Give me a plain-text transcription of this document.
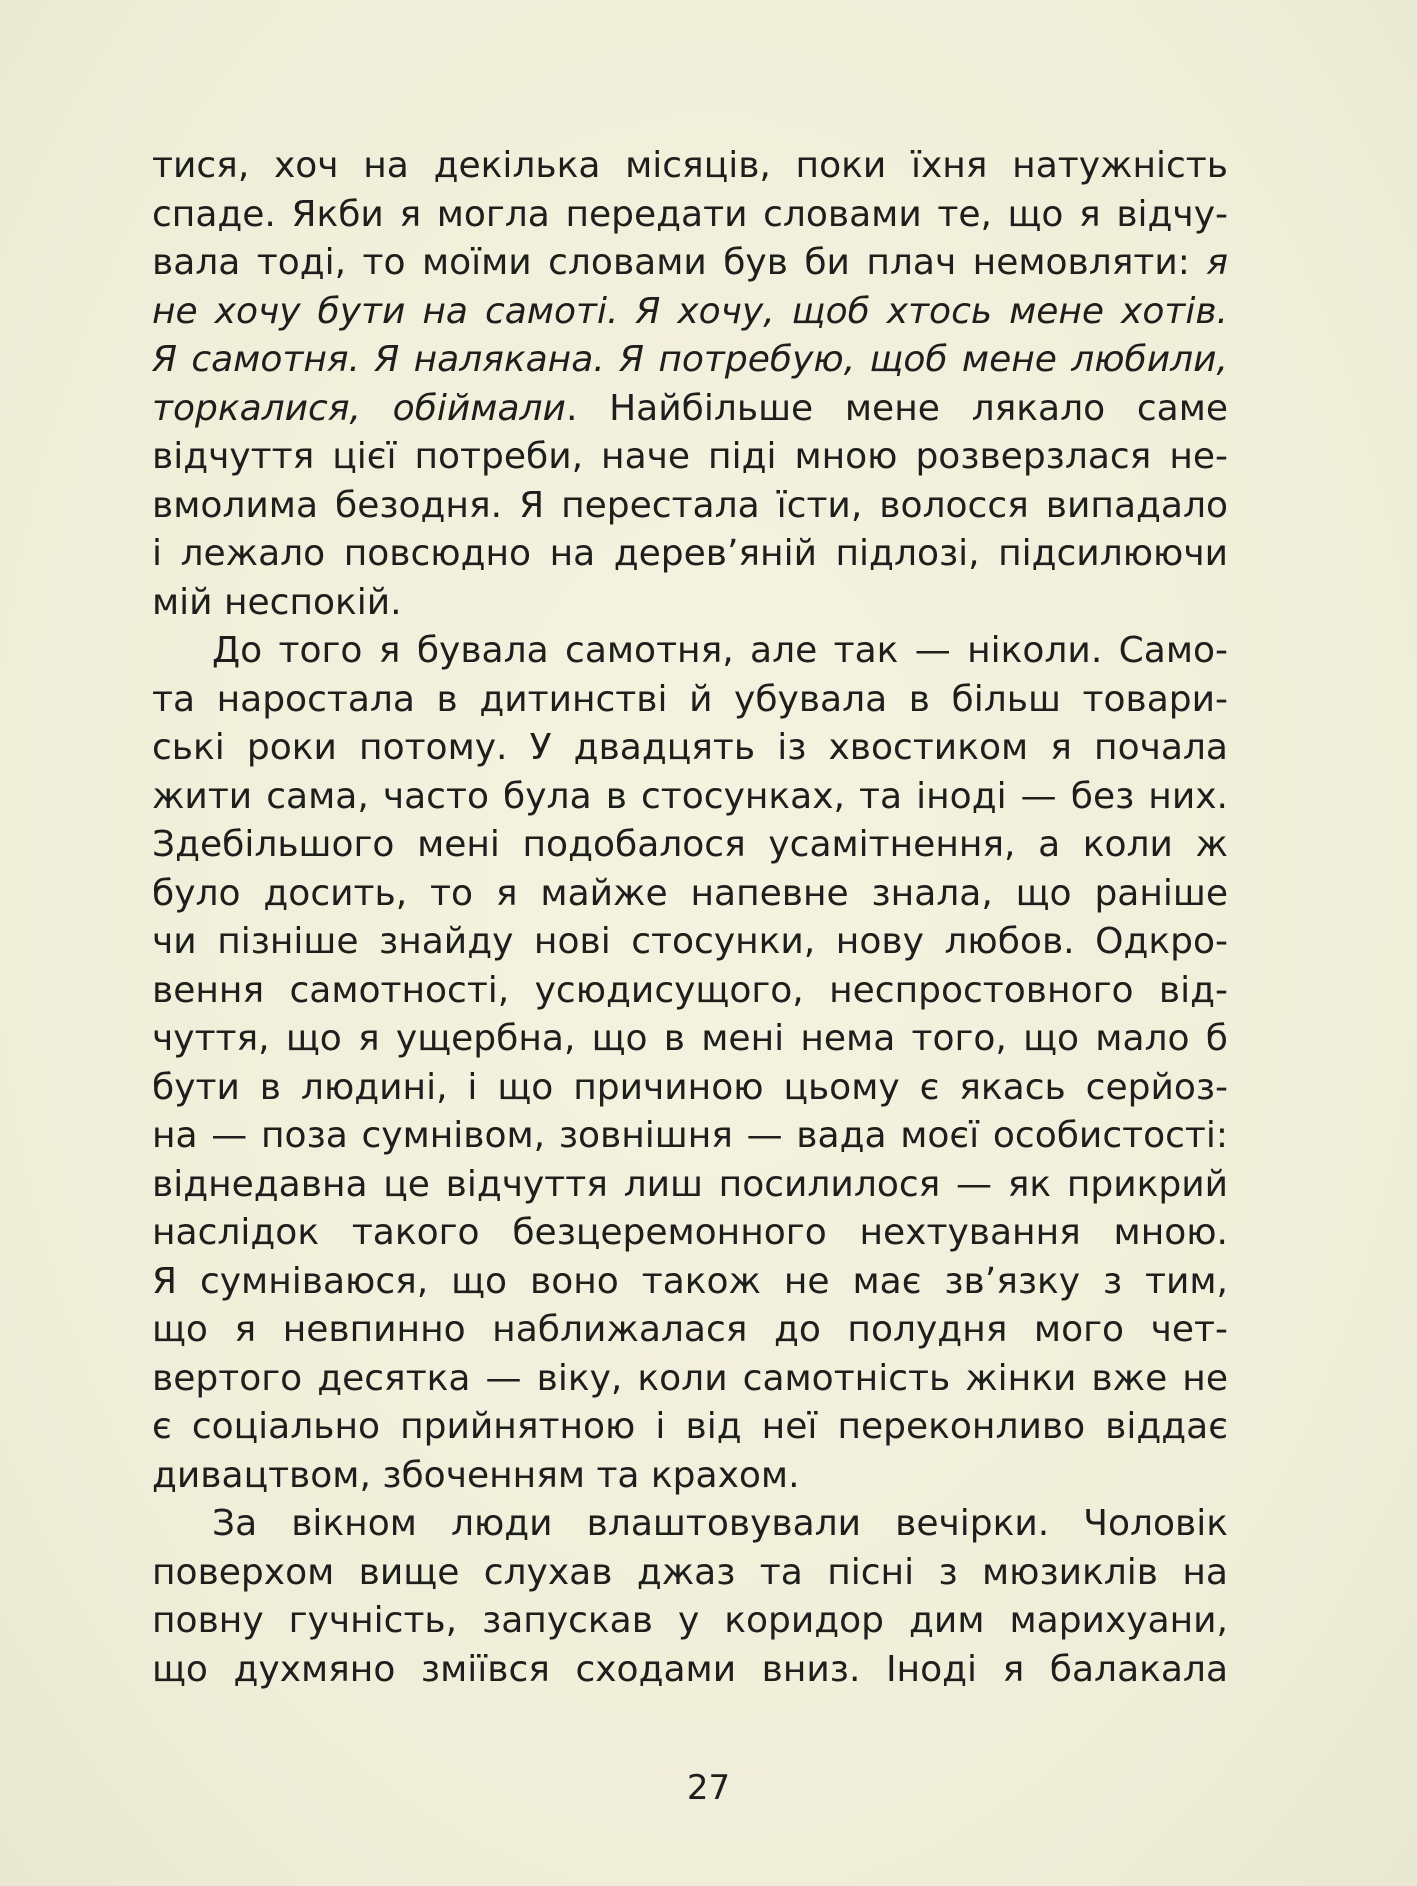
тися, хоч на декілька місяців, поки їхня натужність
спаде. Якби я могла передати словами те, що я відчу-
вала тоді, то моїми словами був би плач немовляти: я
не хочу бути на самоті. Я хочу, щоб хтось мене хотів.
Я самотня. Я налякана. Я потребую, щоб мене любили,
торкалися, обіймали. Найбільше мене лякало саме
відчуття цієї потреби, наче піді мною розверзлася не-
вмолима безодня. Я перестала їсти, волосся випадало
і лежало повсюдно на дерев’яній підлозі, підсилюючи
мій неспокій.
До того я бувала самотня, але так — ніколи. Само-
та наростала в дитинстві й убувала в більш товари-
ські роки потому. У двадцять із хвостиком я почала
жити сама, часто була в стосунках, та іноді — без них.
Здебільшого мені подобалося усамітнення, а коли ж
було досить, то я майже напевне знала, що раніше
чи пізніше знайду нові стосунки, нову любов. Одкро-
вення самотності, усюдисущого, неспростовного від-
чуття, що я ущербна, що в мені нема того, що мало б
бути в людині, і що причиною цьому є якась серйоз-
на — поза сумнівом, зовнішня — вада моєї особистості:
віднедавна це відчуття лиш посилилося — як прикрий
наслідок такого безцеремонного нехтування мною.
Я сумніваюся, що воно також не має зв’язку з тим,
що я невпинно наближалася до полудня мого чет-
вертого десятка — віку, коли самотність жінки вже не
є соціально прийнятною і від неї переконливо віддає
дивацтвом, збоченням та крахом.
За вікном люди влаштовували вечірки. Чоловік
поверхом вище слухав джаз та пісні з мюзиклів на
повну гучність, запускав у коридор дим марихуани,
що духмяно зміївся сходами вниз. Іноді я балакала
27
